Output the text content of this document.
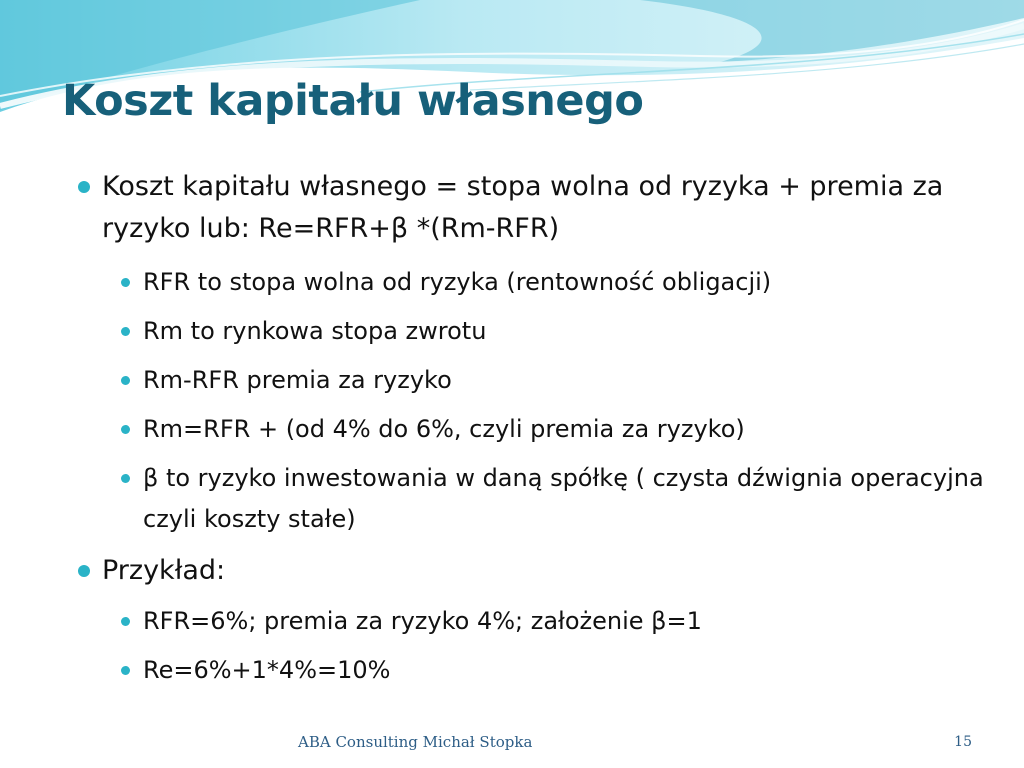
Koszt kapitału własnego
Koszt kapitału własnego = stopa wolna od ryzyka + premia za ryzyko lub: Re=RFR+β *(Rm-RFR)
RFR to stopa wolna od ryzyka (rentowność obligacji)
Rm to rynkowa stopa zwrotu
Rm-RFR premia za ryzyko
Rm=RFR + (od 4% do 6%, czyli premia za ryzyko)
β to ryzyko inwestowania w daną spółkę ( czysta dźwignia operacyjna czyli koszty stałe)
Przykład:
RFR=6%; premia za ryzyko 4%; założenie β=1
Re=6%+1*4%=10%
ABA Consulting Michał Stopka	15
